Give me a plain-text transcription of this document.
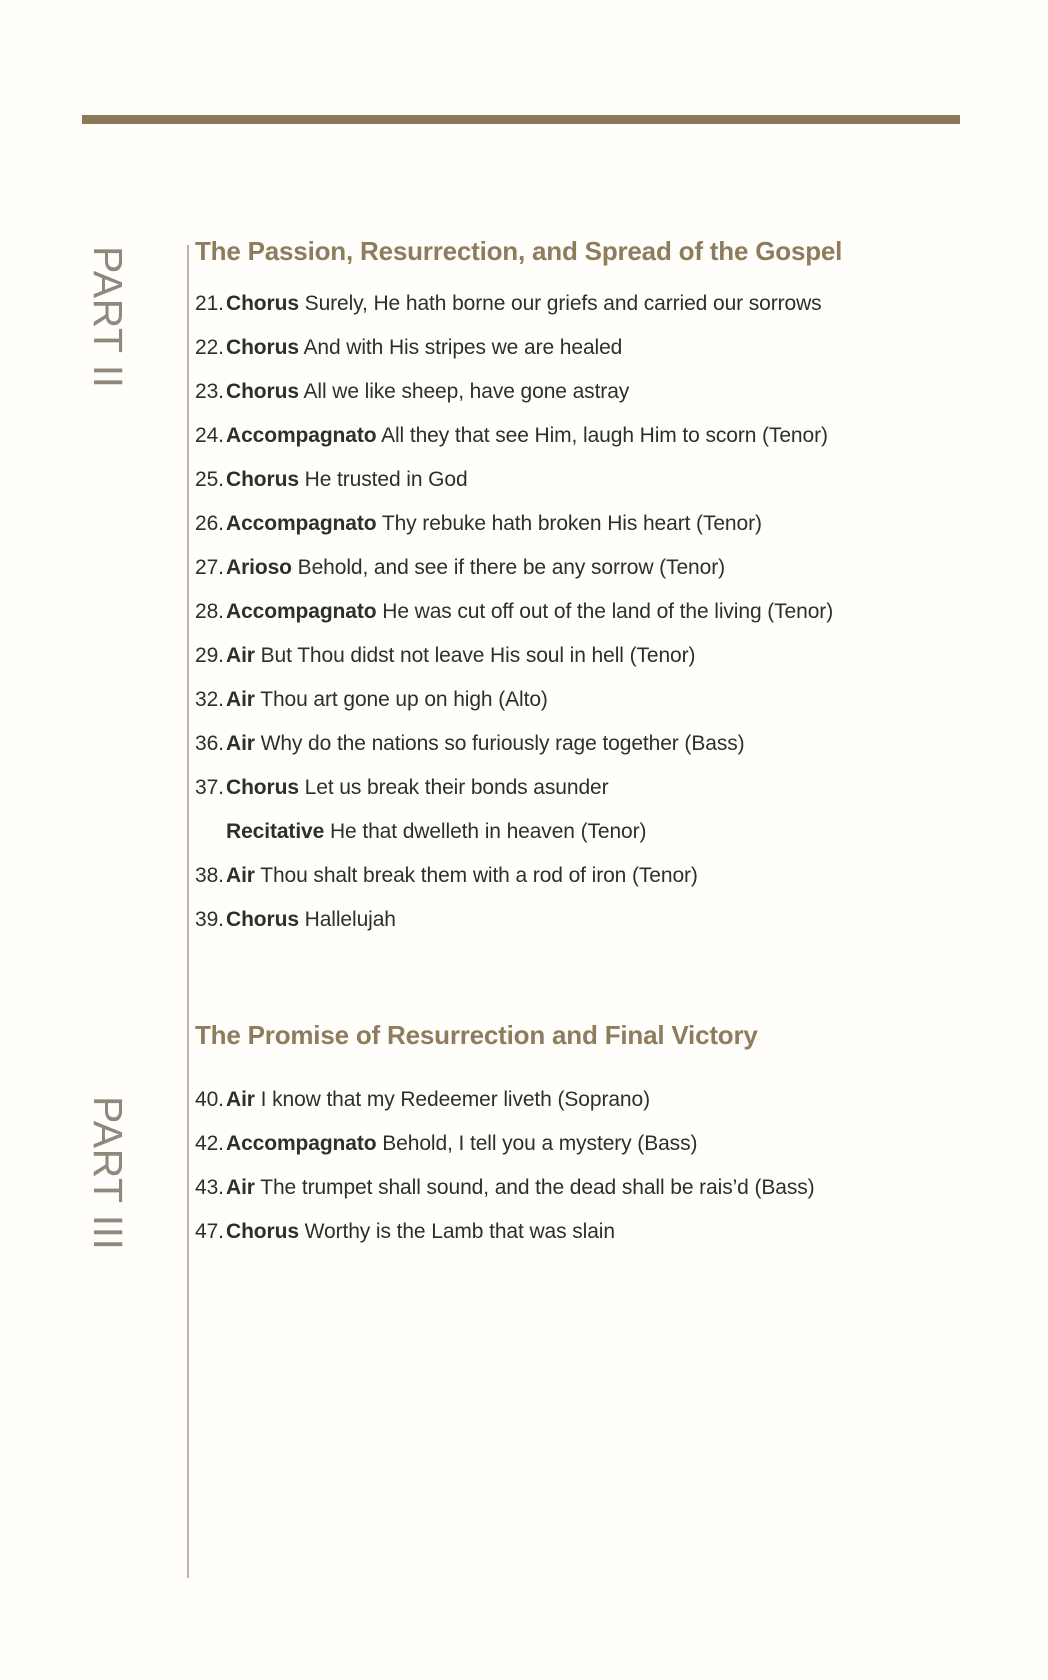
PART II
PART III
The Passion, Resurrection, and Spread of the Gospel
21.Chorus Surely, He hath borne our griefs and carried our sorrows
22.Chorus And with His stripes we are healed
23.Chorus All we like sheep, have gone astray
24.Accompagnato All they that see Him, laugh Him to scorn (Tenor)
25.Chorus He trusted in God
26.Accompagnato Thy rebuke hath broken His heart (Tenor)
27.Arioso Behold, and see if there be any sorrow (Tenor)
28.Accompagnato He was cut off out of the land of the living (Tenor)
29.Air But Thou didst not leave His soul in hell (Tenor)
32.Air Thou art gone up on high (Alto)
36.Air Why do the nations so furiously rage together (Bass)
37.Chorus Let us break their bonds asunder
Recitative He that dwelleth in heaven (Tenor)
38.Air Thou shalt break them with a rod of iron (Tenor)
39.Chorus Hallelujah
The Promise of Resurrection and Final Victory
40.Air I know that my Redeemer liveth (Soprano)
42.Accompagnato Behold, I tell you a mystery (Bass)
43.Air The trumpet shall sound, and the dead shall be rais’d (Bass)
47.Chorus Worthy is the Lamb that was slain
